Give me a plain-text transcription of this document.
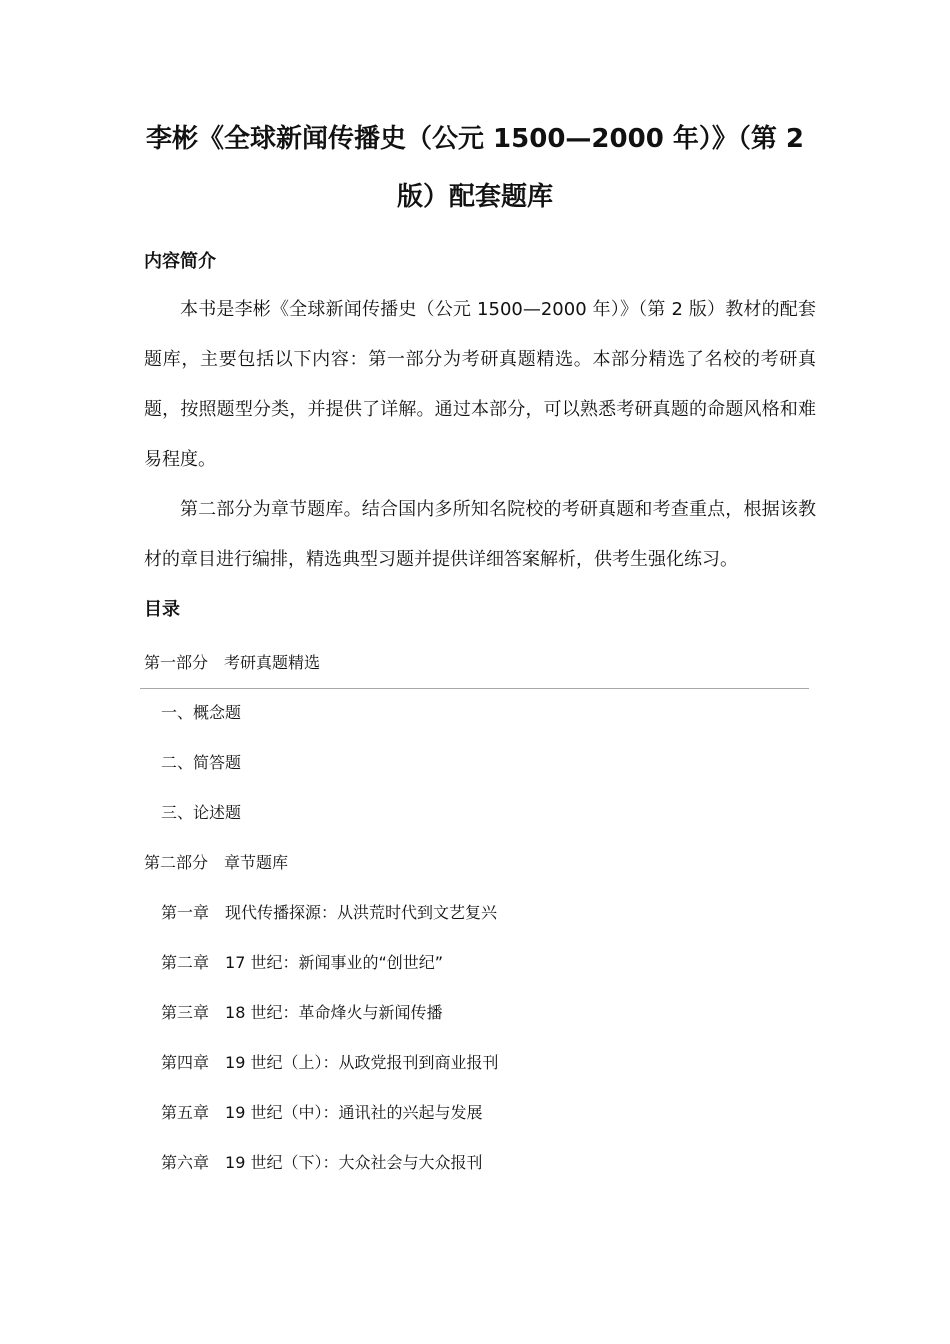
李彬《全球新闻传播史（公元 1500—2000 年）》（第 2 版）配套题库
内容简介

本书是李彬《全球新闻传播史（公元 1500—2000 年）》（第 2 版）教材的配套题库，主要包括以下内容：第一部分为考研真题精选。本部分精选了名校的考研真题，按照题型分类，并提供了详解。通过本部分，可以熟悉考研真题的命题风格和难易程度。

第二部分为章节题库。结合国内多所知名院校的考研真题和考查重点，根据该教材的章目进行编排，精选典型习题并提供详细答案解析，供考生强化练习。

目录
第一部分 考研真题精选
一、概念题
二、简答题
三、论述题
第二部分 章节题库
第一章 现代传播探源：从洪荒时代到文艺复兴
第二章 17 世纪：新闻事业的“创世纪”
第三章 18 世纪：革命烽火与新闻传播
第四章 19 世纪（上）：从政党报刊到商业报刊
第五章 19 世纪（中）：通讯社的兴起与发展
第六章 19 世纪（下）：大众社会与大众报刊
